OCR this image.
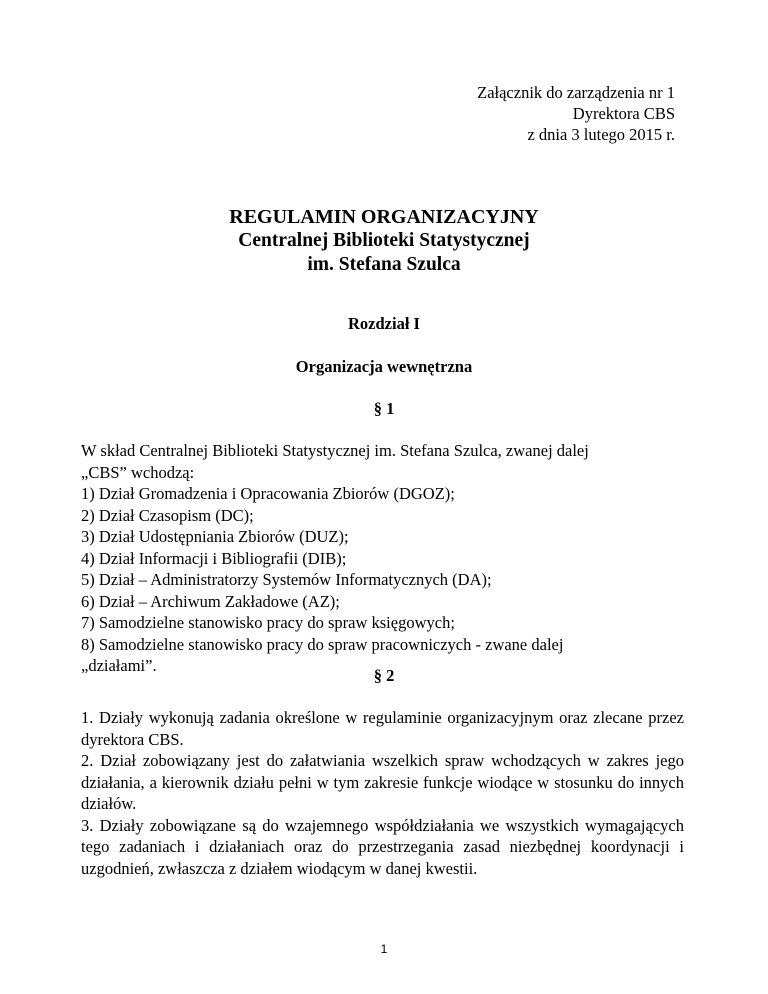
Załącznik do zarządzenia nr 1
Dyrektora CBS
z dnia 3 lutego 2015 r.
REGULAMIN ORGANIZACYJNY
Centralnej Biblioteki Statystycznej
im. Stefana Szulca
Rozdział I
Organizacja wewnętrzna
§ 1
W skład Centralnej Biblioteki Statystycznej im. Stefana Szulca, zwanej dalej
„CBS” wchodzą:
1) Dział Gromadzenia i Opracowania Zbiorów (DGOZ);
2) Dział Czasopism (DC);
3) Dział Udostępniania Zbiorów (DUZ);
4) Dział Informacji i Bibliografii (DIB);
5) Dział – Administratorzy Systemów Informatycznych (DA);
6) Dział – Archiwum Zakładowe (AZ);
7) Samodzielne stanowisko pracy do spraw księgowych;
8) Samodzielne stanowisko pracy do spraw pracowniczych - zwane dalej
„działami”.
§ 2

1. Działy wykonują zadania określone w regulaminie organizacyjnym oraz zlecane przez dyrektora CBS.

2. Dział zobowiązany jest do załatwiania wszelkich spraw wchodzących w zakres jego działania, a kierownik działu pełni w tym zakresie funkcje wiodące w stosunku do innych działów.

3. Działy zobowiązane są do wzajemnego współdziałania we wszystkich wymagających tego zadaniach i działaniach oraz do przestrzegania zasad niezbędnej koordynacji i uzgodnień, zwłaszcza z działem wiodącym w danej kwestii.

1
